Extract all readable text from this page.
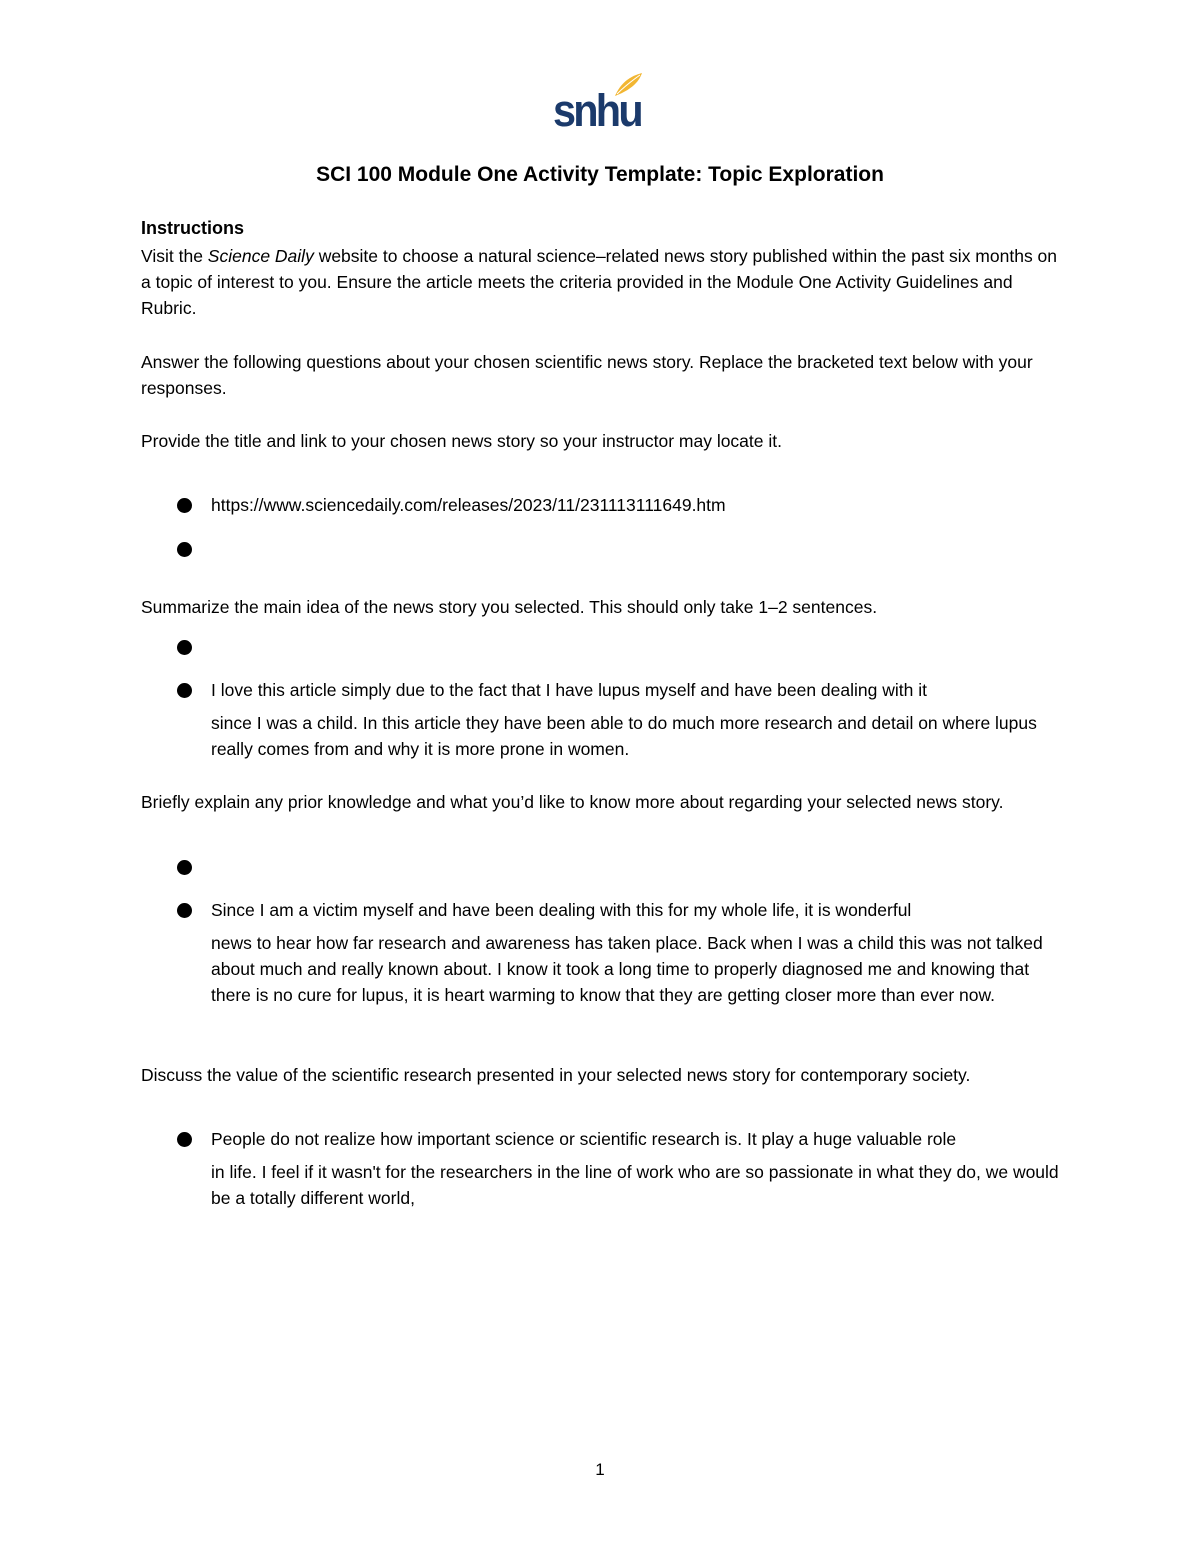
snhu
SCI 100 Module One Activity Template: Topic Exploration

Instructions

Visit the Science Daily website to choose a natural science–related news story published within the past six months on a topic of interest to you. Ensure the article meets the criteria provided in the Module One Activity Guidelines and Rubric.

Answer the following questions about your chosen scientific news story. Replace the bracketed text below with your responses.

Provide the title and link to your chosen news story so your instructor may locate it.

https://www.sciencedaily.com/releases/2023/11/231113111649.htm

Summarize the main idea of the news story you selected. This should only take 1–2 sentences.

I love this article simply due to the fact that I have lupus myself and have been dealing with it
since I was a child. In this article they have been able to do much more research and detail on where lupus really comes from and why it is more prone in women.

Briefly explain any prior knowledge and what you’d like to know more about regarding your selected news story.

Since I am a victim myself and have been dealing with this for my whole life, it is wonderful
news to hear how far research and awareness has taken place. Back when I was a child this was not talked about much and really known about. I know it took a long time to properly diagnosed me and knowing that there is no cure for lupus, it is heart warming to know that they are getting closer more than ever now.

Discuss the value of the scientific research presented in your selected news story for contemporary society.

People do not realize how important science or scientific research is. It play a huge valuable role
in life. I feel if it wasn't for the researchers in the line of work who are so passionate in what they do, we would be a totally different world,

1
